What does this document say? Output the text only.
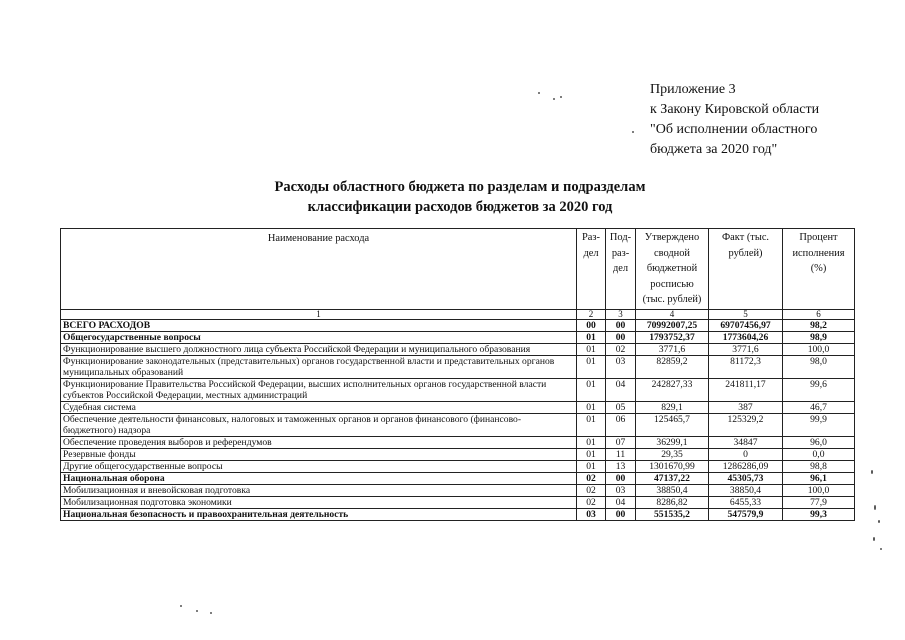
Приложение 3
к Закону Кировской области
"Об исполнении областного
бюджета за 2020 год"
Расходы областного бюджета по разделам и подразделам
классификации расходов бюджетов за 2020 год
Наименование расхода	Раз-дел	Под-раз-дел	Утверждено сводной бюджетной росписью (тыс. рублей)	Факт (тыс. рублей)	Процент исполнения (%)
1	2	3	4	5	6
ВСЕГО РАСХОДОВ	00	00	70992007,25	69707456,97	98,2
Общегосударственные вопросы	01	00	1793752,37	1773604,26	98,9
Функционирование высшего должностного лица субъекта Российской Федерации и муниципального образования	01	02	3771,6	3771,6	100,0
Функционирование законодательных (представительных) органов государственной власти и представительных органов муниципальных образований	01	03	82859,2	81172,3	98,0
Функционирование Правительства Российской Федерации, высших исполнительных органов государственной власти субъектов Российской Федерации, местных администраций	01	04	242827,33	241811,17	99,6
Судебная система	01	05	829,1	387	46,7
Обеспечение деятельности финансовых, налоговых и таможенных органов и органов финансового (финансово-бюджетного) надзора	01	06	125465,7	125329,2	99,9
Обеспечение проведения выборов и референдумов	01	07	36299,1	34847	96,0
Резервные фонды	01	11	29,35	0	0,0
Другие общегосударственные вопросы	01	13	1301670,99	1286286,09	98,8
Национальная оборона	02	00	47137,22	45305,73	96,1
Мобилизационная и вневойсковая подготовка	02	03	38850,4	38850,4	100,0
Мобилизационная подготовка экономики	02	04	8286,82	6455,33	77,9
Национальная безопасность и правоохранительная деятельность	03	00	551535,2	547579,9	99,3
